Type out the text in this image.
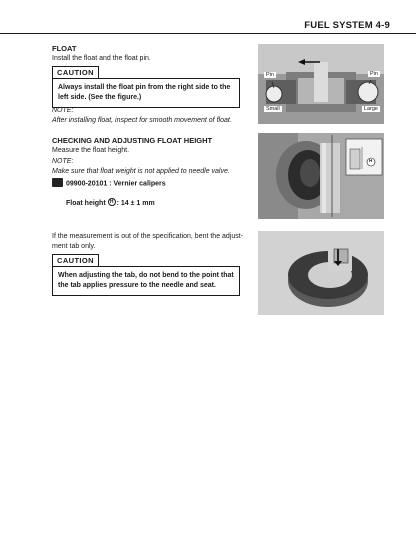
FUEL SYSTEM 4-9
FLOAT
Install the float and the float pin.
CAUTION
Always install the float pin from the right side to the
left side. (See the figure.)
NOTE:
After installing float, inspect for smooth movement of float.
CHECKING AND ADJUSTING FLOAT HEIGHT
Measure the float height.
NOTE:
Make sure that float weight is not applied to needle valve.
09900-20101 : Vernier calipers
Float height H : 14 ± 1 mm
If the measurement is out of the specification, bent the adjust-
ment tab only.
CAUTION
When adjusting the tab, do not bend to the point that
the tab applies pressure to the needle and seat.
Pin	Pin
Small	Large
H
